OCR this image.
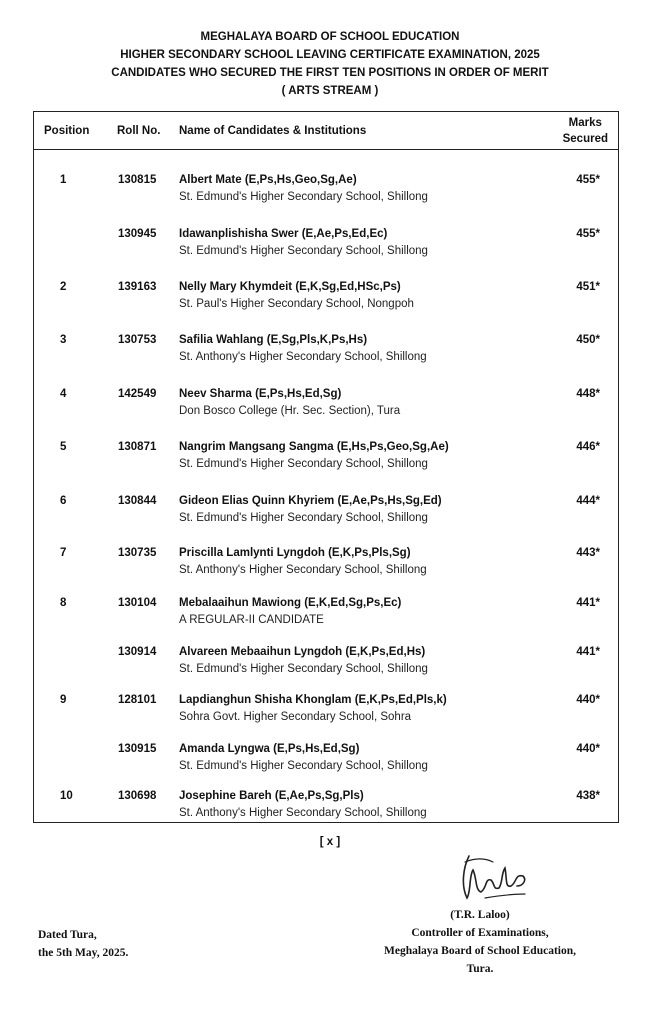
MEGHALAYA BOARD OF SCHOOL EDUCATION
HIGHER SECONDARY SCHOOL LEAVING CERTIFICATE EXAMINATION, 2025
CANDIDATES WHO SECURED THE FIRST TEN POSITIONS IN ORDER OF MERIT
( ARTS STREAM )
Position Roll No. Name of Candidates & Institutions
Marks
Secured
1	130815 Albert Mate (E,Ps,Hs,Geo,Sg,Ae)
St. Edmund's Higher Secondary School, Shillong
455*
130945 Idawanplishisha Swer (E,Ae,Ps,Ed,Ec)
St. Edmund's Higher Secondary School, Shillong
455*
2	139163 Nelly Mary Khymdeit (E,K,Sg,Ed,HSc,Ps)
St. Paul's Higher Secondary School, Nongpoh
451*
3	130753 Safilia Wahlang (E,Sg,Pls,K,Ps,Hs)
St. Anthony's Higher Secondary School, Shillong
450*
4	142549 Neev Sharma (E,Ps,Hs,Ed,Sg)
Don Bosco College (Hr. Sec. Section), Tura
448*
5	130871 Nangrim Mangsang Sangma (E,Hs,Ps,Geo,Sg,Ae)
St. Edmund's Higher Secondary School, Shillong
446*
6	130844 Gideon Elias Quinn Khyriem (E,Ae,Ps,Hs,Sg,Ed)
St. Edmund's Higher Secondary School, Shillong
444*
7	130735 Priscilla Lamlynti Lyngdoh (E,K,Ps,Pls,Sg)
St. Anthony's Higher Secondary School, Shillong
443*
8	130104 Mebalaaihun Mawiong (E,K,Ed,Sg,Ps,Ec)
A REGULAR-II CANDIDATE
441*
130914 Alvareen Mebaaihun Lyngdoh (E,K,Ps,Ed,Hs)
St. Edmund's Higher Secondary School, Shillong
441*
9	128101 Lapdianghun Shisha Khonglam (E,K,Ps,Ed,Pls,k)
Sohra Govt. Higher Secondary School, Sohra
440*
130915 Amanda Lyngwa (E,Ps,Hs,Ed,Sg)
St. Edmund's Higher Secondary School, Shillong
440*
10	130698 Josephine Bareh (E,Ae,Ps,Sg,Pls)
St. Anthony's Higher Secondary School, Shillong
438*
[ x ]
Dated Tura,
the 5th May, 2025.
(T.R. Laloo)
Controller of Examinations,
Meghalaya Board of School Education,
Tura.
